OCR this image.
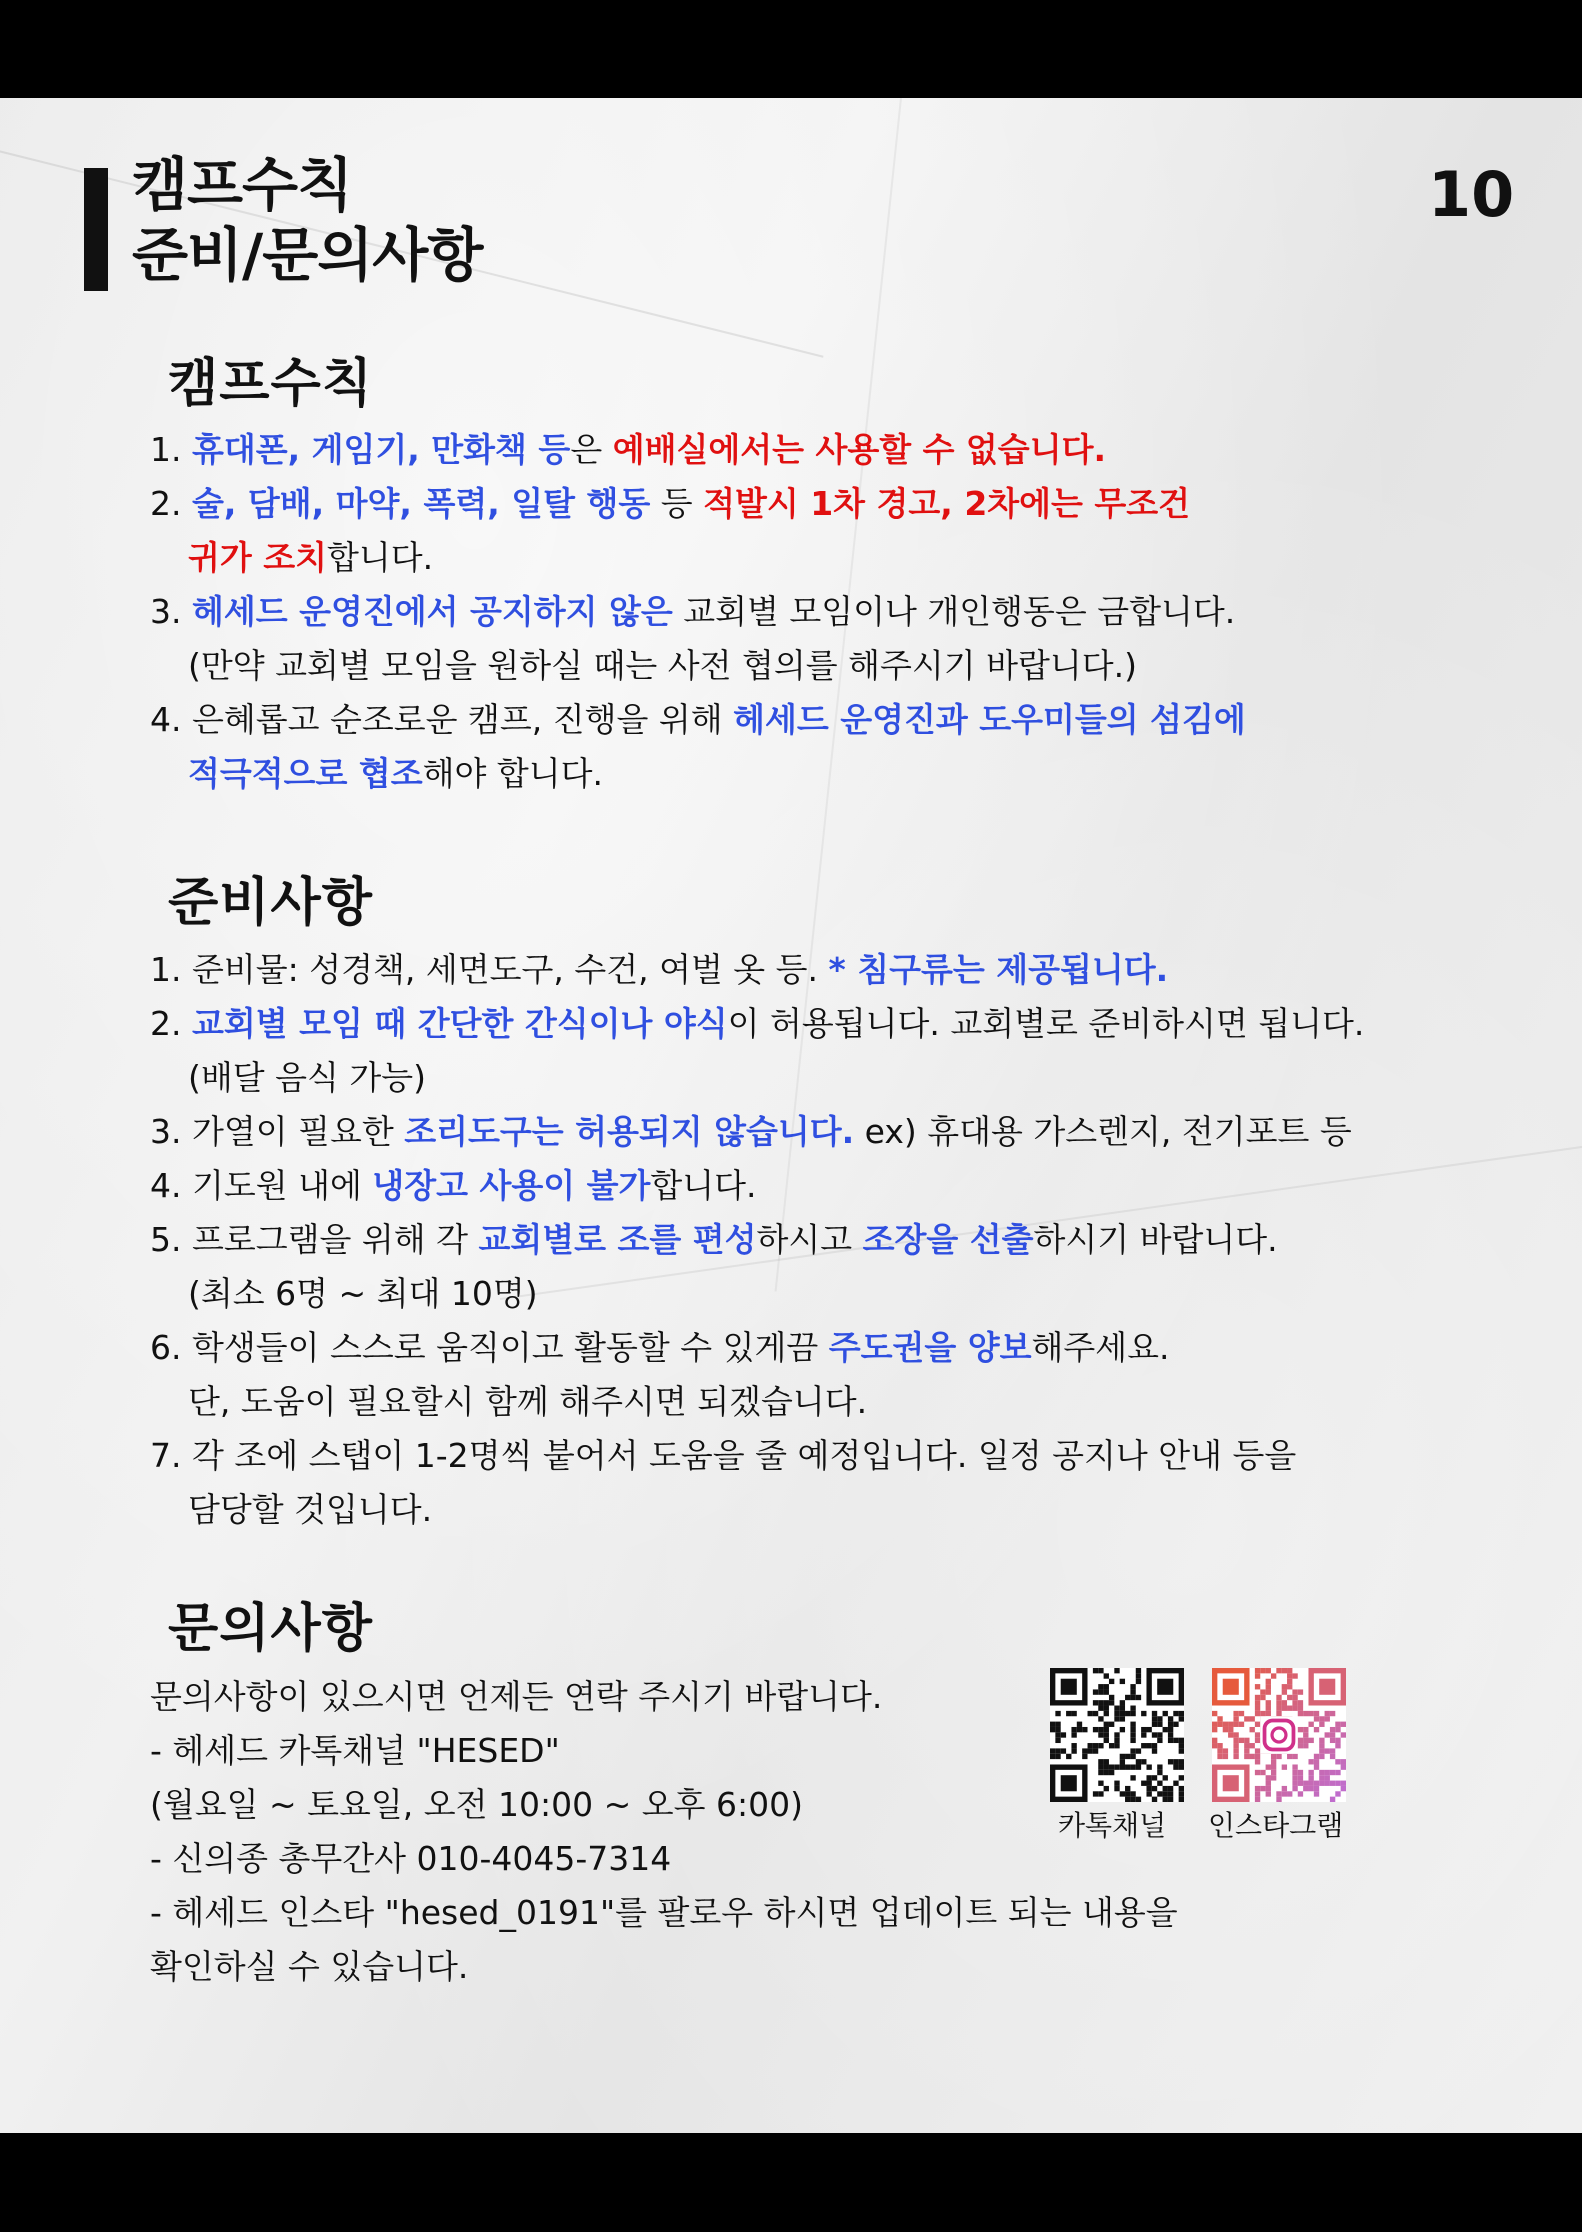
캠프수칙
준비/문의사항
10
캠프수칙
1. 휴대폰, 게임기, 만화책 등은 예배실에서는 사용할 수 없습니다.
2. 술, 담배, 마약, 폭력, 일탈 행동 등 적발시 1차 경고, 2차에는 무조건
귀가 조치합니다.
3. 헤세드 운영진에서 공지하지 않은 교회별 모임이나 개인행동은 금합니다.
(만약 교회별 모임을 원하실 때는 사전 협의를 해주시기 바랍니다.)
4. 은혜롭고 순조로운 캠프, 진행을 위해 헤세드 운영진과 도우미들의 섬김에
적극적으로 협조해야 합니다.
준비사항
1. 준비물: 성경책, 세면도구, 수건, 여벌 옷 등. * 침구류는 제공됩니다.
2. 교회별 모임 때 간단한 간식이나 야식이 허용됩니다. 교회별로 준비하시면 됩니다.
(배달 음식 가능)
3. 가열이 필요한 조리도구는 허용되지 않습니다. ex) 휴대용 가스렌지, 전기포트 등
4. 기도원 내에 냉장고 사용이 불가합니다.
5. 프로그램을 위해 각 교회별로 조를 편성하시고 조장을 선출하시기 바랍니다.
(최소 6명 ~ 최대 10명)
6. 학생들이 스스로 움직이고 활동할 수 있게끔 주도권을 양보해주세요.
단, 도움이 필요할시 함께 해주시면 되겠습니다.
7. 각 조에 스탭이 1-2명씩 붙어서 도움을 줄 예정입니다. 일정 공지나 안내 등을
담당할 것입니다.
문의사항
문의사항이 있으시면 언제든 연락 주시기 바랍니다.
- 헤세드 카톡채널 "HESED"
(월요일 ~ 토요일, 오전 10:00 ~ 오후 6:00)
- 신의종 총무간사 010-4045-7314
- 헤세드 인스타 "hesed_0191"를 팔로우 하시면 업데이트 되는 내용을
확인하실 수 있습니다.
카톡채널 인스타그램
